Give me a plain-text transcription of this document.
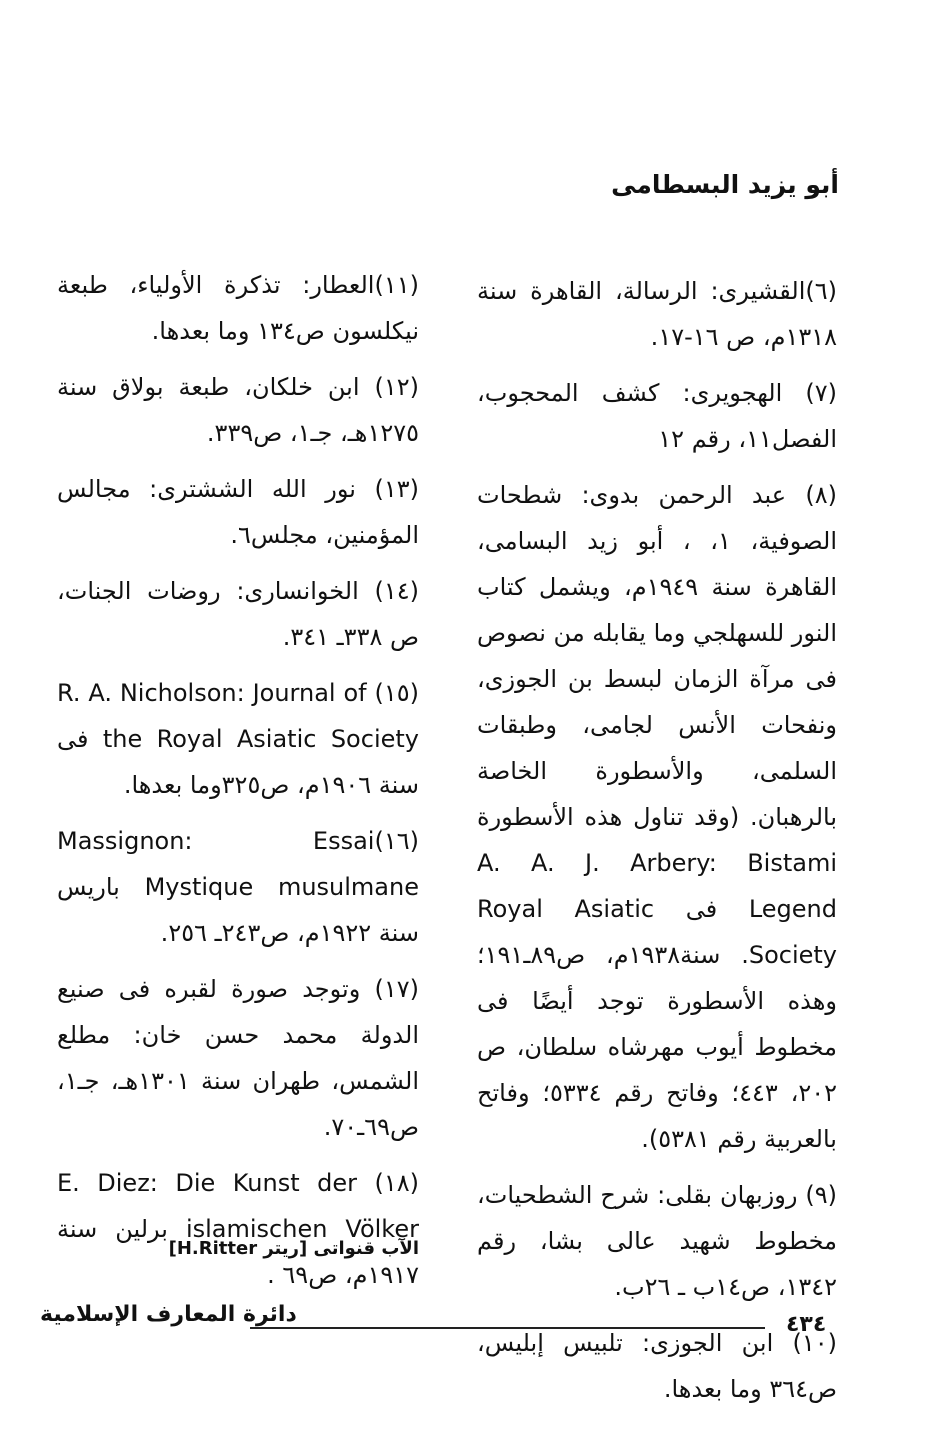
أبو يزيد البسطامى

(٦)القشيرى: الرسالة، القاهرة سنة ١٣١٨م، ص ١٦-١٧.

(٧) الهجويرى: كشف المحجوب، الفصل١١، رقم ١٢

(٨) عبد الرحمن بدوى: شطحات الصوفية، ١، ، أبو زيد البسامى، القاهرة سنة ١٩٤٩م، ويشمل كتاب النور للسهلجي وما يقابله من نصوص فى مرآة الزمان لبسط بن الجوزى، ونفحات الأنس لجامى، وطبقات السلمى، والأسطورة الخاصة بالرهبان. (وقد تناول هذه الأسطورة A. A. J. Arbery: Bistami Legend فى Royal Asiatic Society. سنة١٩٣٨م، ص٨٩ـ١٩١؛ وهذه الأسطورة توجد أيضًا فى مخطوط أيوب مهرشاه سلطان، ص ٢٠٢، ٤٤٣؛ وفاتح رقم ٥٣٣٤؛ وفاتح بالعربية رقم ٥٣٨١).

(٩) روزبهان بقلى: شرح الشطحيات، مخطوط شهيد عالى بشا، رقم ١٣٤٢، ص١٤ب ـ ٢٦ب.

(١٠) ابن الجوزى: تلبيس إبليس، ص٣٦٤ وما بعدها.

(١١)العطار: تذكرة الأولياء، طبعة نيكلسون ص١٣٤ وما بعدها.

(١٢) ابن خلكان، طبعة بولاق سنة ١٢٧٥هـ، جـ١، ص٣٣٩.

(١٣) نور الله الششترى: مجالس المؤمنين، مجلس٦.

(١٤) الخوانسارى: روضات الجنات، ص ٣٣٨ـ ٣٤١.

(١٥) R. A. Nicholson: Journal of the Royal Asiatic Society فى سنة ١٩٠٦م، ص٣٢٥وما بعدها.

(١٦)Massignon: Essai Mystique musulmane باريس سنة ١٩٢٢م، ص٢٤٣ـ ٢٥٦.

(١٧) وتوجد صورة لقبره فى صنيع الدولة محمد حسن خان: مطلع الشمس، طهران سنة ١٣٠١هـ، جـ١، ص٦٩ـ٧٠.

(١٨) E. Diez: Die Kunst der islamischen Völker برلين سنة ١٩١٧م، ص٦٩ .

الآب قنواتى [ريتر H.Ritter]
دائرة المعارف الإسلامية	٤٣٤
